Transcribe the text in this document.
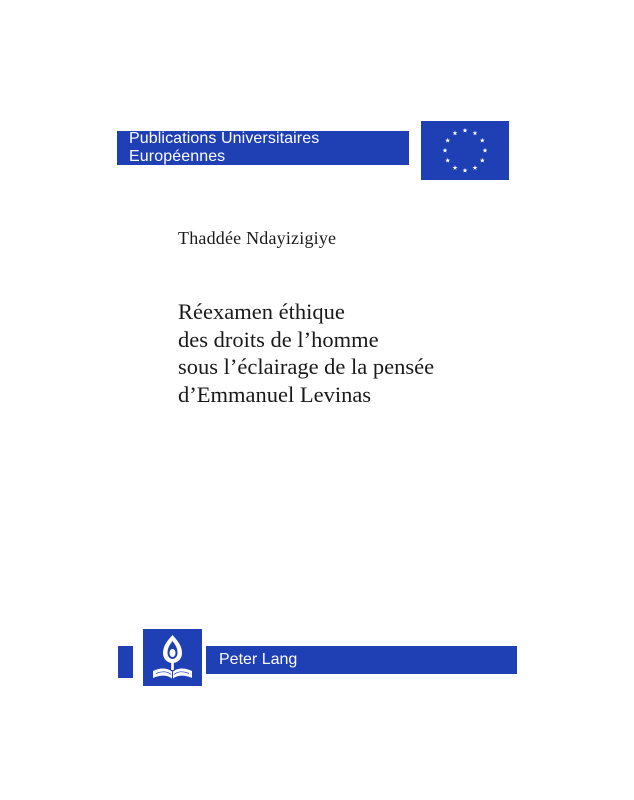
Publications Universitaires Européennes
Thaddée Ndayizigiye
Réexamen éthique
des droits de l’homme
sous l’éclairage de la pensée
d’Emmanuel Levinas
Peter Lang
